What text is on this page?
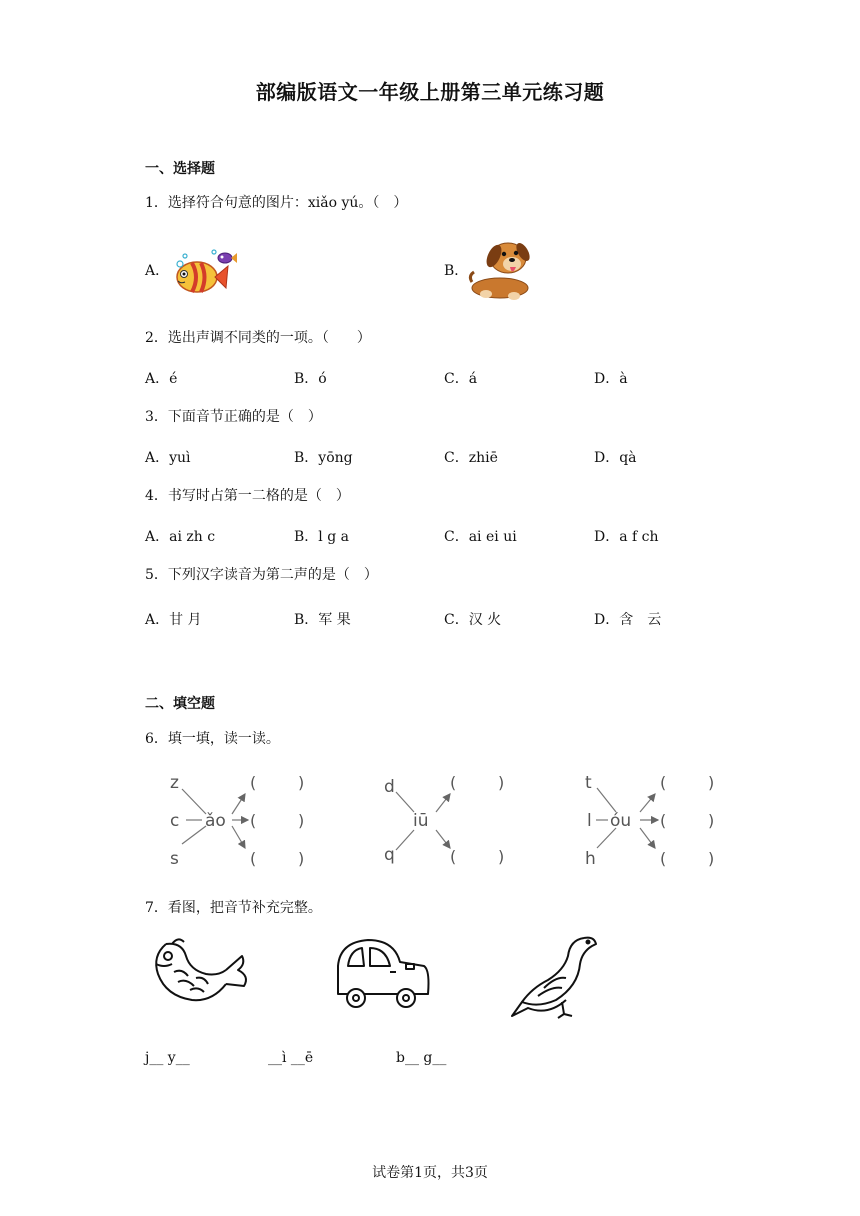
部编版语文一年级上册第三单元练习题
一、选择题
1．选择符合句意的图片：xiǎo yú。（　）
A．	B．
2．选出声调不同类的一项。（　　）
A．é	B．ó	C．á	D．à
3．下面音节正确的是（　）
A．yuì	B．yōng	C．zhiē	D．qà
4．书写时占第一二格的是（　）
A．ai zh c	B．l g a	C．ai ei ui	D．a f ch
5．下列汉字读音为第二声的是（　）
A．甘 月	B．军 果	C．汉 火	D．含　云
二、填空题
6．填一填，读一读。
z
c
s
ǎo
(	)
(	)
(	)
d
q
iū
(	)
(	)
t
l
h
óu
(	)
(	)
(	)
7．看图，把音节补充完整。
j__ y__	__ì __ē	b__ g__
试卷第1页，共3页
